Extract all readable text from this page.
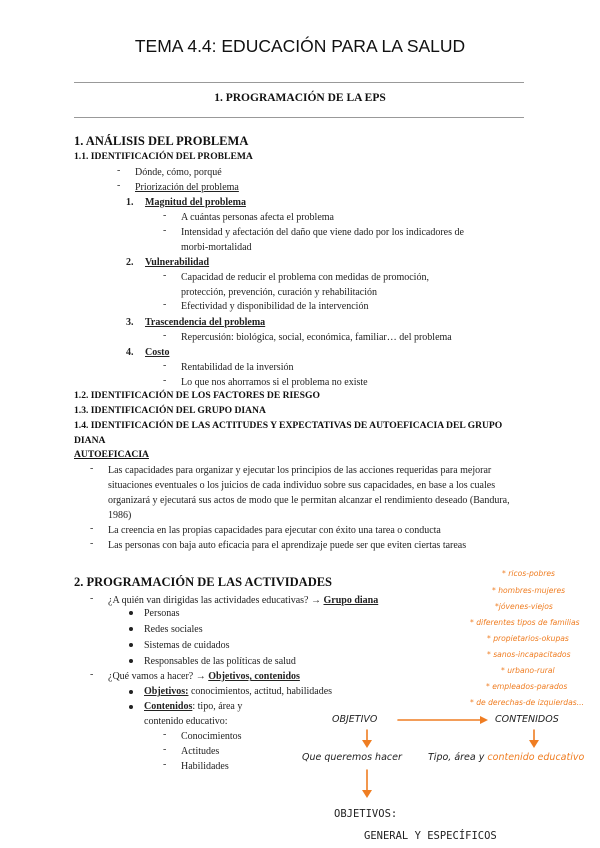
TEMA 4.4: EDUCACIÓN PARA LA SALUD
1. PROGRAMACIÓN DE LA EPS
1. ANÁLISIS DEL PROBLEMA
1.1. IDENTIFICACIÓN DEL PROBLEMA
- Dónde, cómo, porqué
- Priorización del problema
1. Magnitud del problema
- A cuántas personas afecta el problema
- Intensidad y afectación del daño que viene dado por los indicadores de
morbi-mortalidad
2. Vulnerabilidad
- Capacidad de reducir el problema con medidas de promoción,
protección, prevención, curación y rehabilitación
- Efectividad y disponibilidad de la intervención
3. Trascendencia del problema
- Repercusión: biológica, social, económica, familiar… del problema
4. Costo
- Rentabilidad de la inversión
- Lo que nos ahorramos si el problema no existe
1.2. IDENTIFICACIÓN DE LOS FACTORES DE RIESGO
1.3. IDENTIFICACIÓN DEL GRUPO DIANA
1.4. IDENTIFICACIÓN DE LAS ACTITUDES Y EXPECTATIVAS DE AUTOEFICACIA DEL GRUPO
DIANA
AUTOEFICACIA
- Las capacidades para organizar y ejecutar los principios de las acciones requeridas para mejorar situaciones eventuales o los juicios de cada individuo sobre sus capacidades, en base a los cuales organizará y ejecutará sus actos de modo que le permitan alcanzar el rendimiento deseado (Bandura, 1986)
- La creencia en las propias capacidades para ejecutar con éxito una tarea o conducta
- Las personas con baja auto eficacia para el aprendizaje puede ser que eviten ciertas tareas
2. PROGRAMACIÓN DE LAS ACTIVIDADES
- ¿A quién van dirigidas las actividades educativas? → Grupo diana
Personas
Redes sociales
Sistemas de cuidados
Responsables de las políticas de salud
- ¿Qué vamos a hacer? → Objetivos, contenidos
Objetivos: conocimientos, actitud, habilidades
Contenidos: tipo, área y
contenido educativo:
- Conocimientos
- Actitudes
- Habilidades
* ricos-pobres
* hombres-mujeres
*jóvenes-viejos
* diferentes tipos de familias
* propietarios-okupas
* sanos-incapacitados
* urbano-rural
* empleados-parados
* de derechas-de izquierdas...
OBJETIVO	CONTENIDOS
Que queremos hacer	Tipo, área y contenido educativo
OBJETIVOS:
GENERAL Y ESPECÍFICOS
